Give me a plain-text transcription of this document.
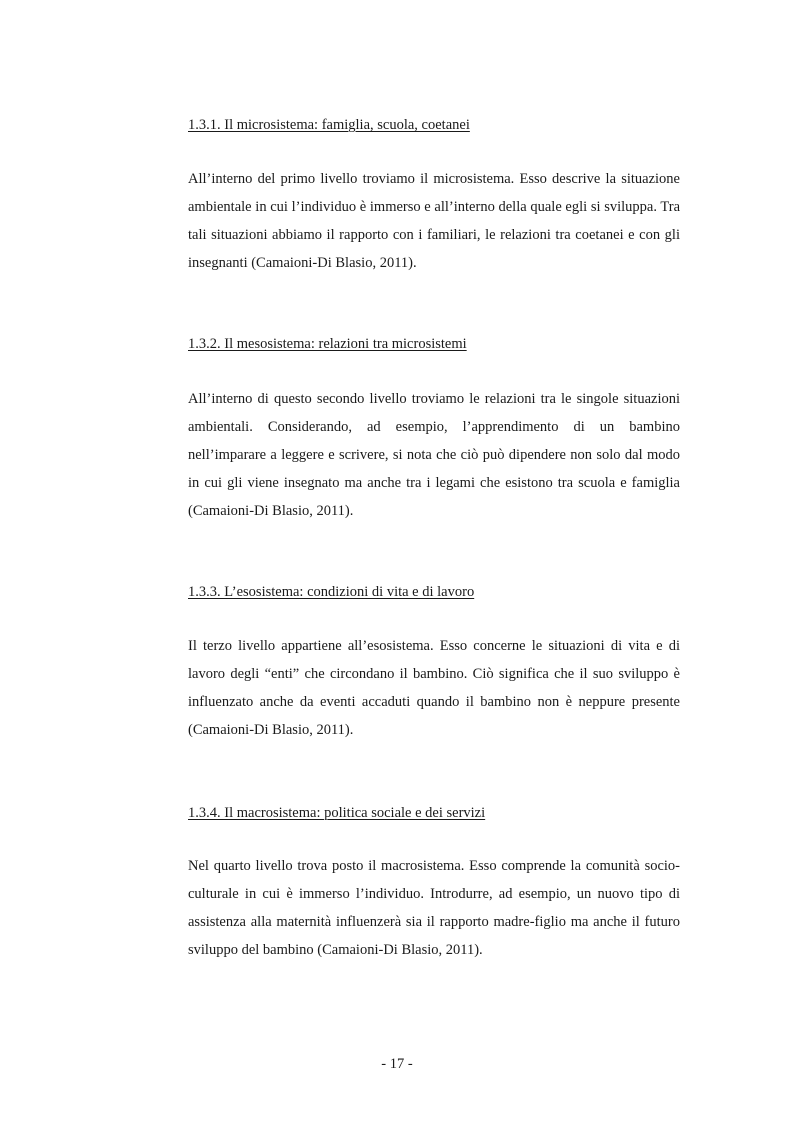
1.3.1. Il microsistema: famiglia, scuola, coetanei

All’interno del primo livello troviamo il microsistema. Esso descrive la situazione ambientale in cui l’individuo è immerso e all’interno della quale egli si sviluppa. Tra tali situazioni abbiamo il rapporto con i familiari, le relazioni tra coetanei e con gli insegnanti (Camaioni-Di Blasio, 2011).

1.3.2. Il mesosistema: relazioni tra microsistemi

All’interno di questo secondo livello troviamo le relazioni tra le singole situazioni ambientali. Considerando, ad esempio, l’apprendimento di un bambino nell’imparare a leggere e scrivere, si nota che ciò può dipendere non solo dal modo in cui gli viene insegnato ma anche tra i legami che esistono tra scuola e famiglia (Camaioni-Di Blasio, 2011).

1.3.3. L’esosistema: condizioni di vita e di lavoro

Il terzo livello appartiene all’esosistema. Esso concerne le situazioni di vita e di lavoro degli “enti” che circondano il bambino. Ciò significa che il suo sviluppo è influenzato anche da eventi accaduti quando il bambino non è neppure presente (Camaioni-Di Blasio, 2011).

1.3.4. Il macrosistema: politica sociale e dei servizi

Nel quarto livello trova posto il macrosistema. Esso comprende la comunità socio-culturale in cui è immerso l’individuo. Introdurre, ad esempio, un nuovo tipo di assistenza alla maternità influenzerà sia il rapporto madre-figlio ma anche il futuro sviluppo del bambino (Camaioni-Di Blasio, 2011).

- 17 -
